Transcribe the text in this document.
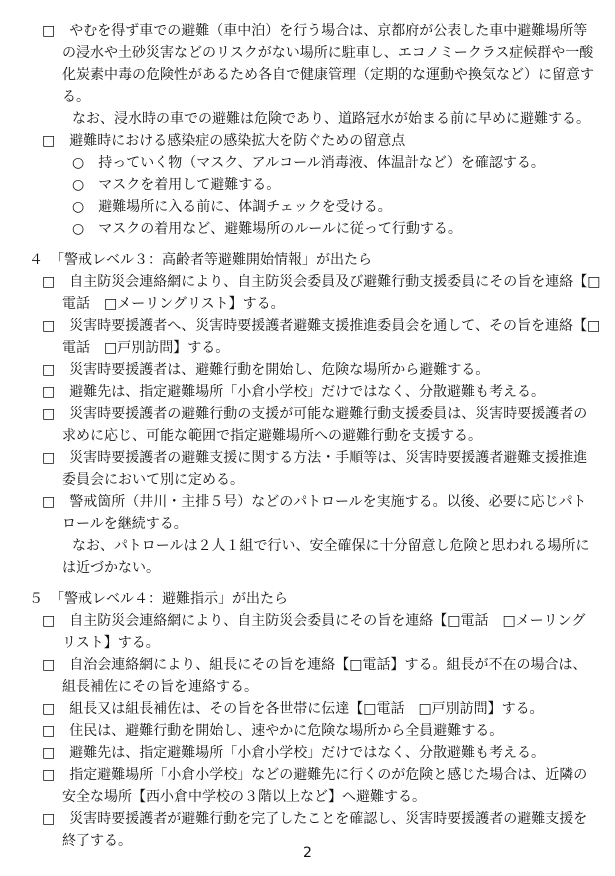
□　やむを得ず車での避難（車中泊）を行う場合は、京都府が公表した車中避難場所等
の浸水や土砂災害などのリスクがない場所に駐車し、エコノミークラス症候群や一酸
化炭素中毒の危険性があるため各自で健康管理（定期的な運動や換気など）に留意す
る。
なお、浸水時の車での避難は危険であり、道路冠水が始まる前に早めに避難する。
□　避難時における感染症の感染拡大を防ぐための留意点
○　持っていく物（マスク、アルコール消毒液、体温計など）を確認する。
○　マスクを着用して避難する。
○　避難場所に入る前に、体調チェックを受ける。
○　マスクの着用など、避難場所のルールに従って行動する。
４　「警戒レベル３：高齢者等避難開始情報」が出たら
□　自主防災会連絡網により、自主防災会委員及び避難行動支援委員にその旨を連絡【□
電話　□メーリングリスト】する。
□　災害時要援護者へ、災害時要援護者避難支援推進委員会を通して、その旨を連絡【□
電話　□戸別訪問】する。
□　災害時要援護者は、避難行動を開始し、危険な場所から避難する。
□　避難先は、指定避難場所「小倉小学校」だけではなく、分散避難も考える。
□　災害時要援護者の避難行動の支援が可能な避難行動支援委員は、災害時要援護者の
求めに応じ、可能な範囲で指定避難場所への避難行動を支援する。
□　災害時要援護者の避難支援に関する方法・手順等は、災害時要援護者避難支援推進
委員会において別に定める。
□　警戒箇所（井川・主排５号）などのパトロールを実施する。以後、必要に応じパト
ロールを継続する。
なお、パトロールは２人１組で行い、安全確保に十分留意し危険と思われる場所に
は近づかない。
５　「警戒レベル４：避難指示」が出たら
□　自主防災会連絡網により、自主防災会委員にその旨を連絡【□電話　□メーリング
リスト】する。
□　自治会連絡網により、組長にその旨を連絡【□電話】する。組長が不在の場合は、
組長補佐にその旨を連絡する。
□　組長又は組長補佐は、その旨を各世帯に伝達【□電話　□戸別訪問】する。
□　住民は、避難行動を開始し、速やかに危険な場所から全員避難する。
□　避難先は、指定避難場所「小倉小学校」だけではなく、分散避難も考える。
□　指定避難場所「小倉小学校」などの避難先に行くのが危険と感じた場合は、近隣の
安全な場所【西小倉中学校の３階以上など】へ避難する。
□　災害時要援護者が避難行動を完了したことを確認し、災害時要援護者の避難支援を
終了する。
2
